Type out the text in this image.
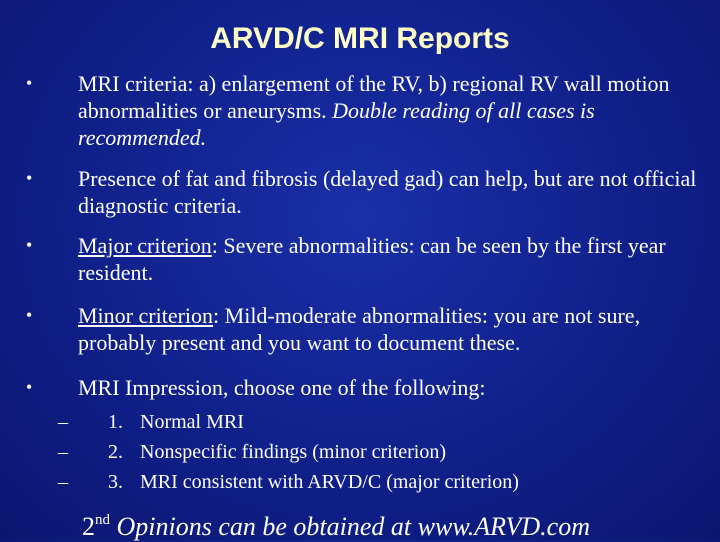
ARVD/C MRI Reports
• MRI criteria: a) enlargement of the RV, b) regional RV wall motion abnormalities or aneurysms. Double reading of all cases is recommended.
• Presence of fat and fibrosis (delayed gad) can help, but are not official diagnostic criteria.
• Major criterion: Severe abnormalities: can be seen by the first year resident.
• Minor criterion: Mild-moderate abnormalities: you are not sure, probably present and you want to document these.
• MRI Impression, choose one of the following:
– 1. Normal MRI
– 2. Nonspecific findings (minor criterion)
– 3. MRI consistent with ARVD/C (major criterion)
2nd Opinions can be obtained at www.ARVD.com
